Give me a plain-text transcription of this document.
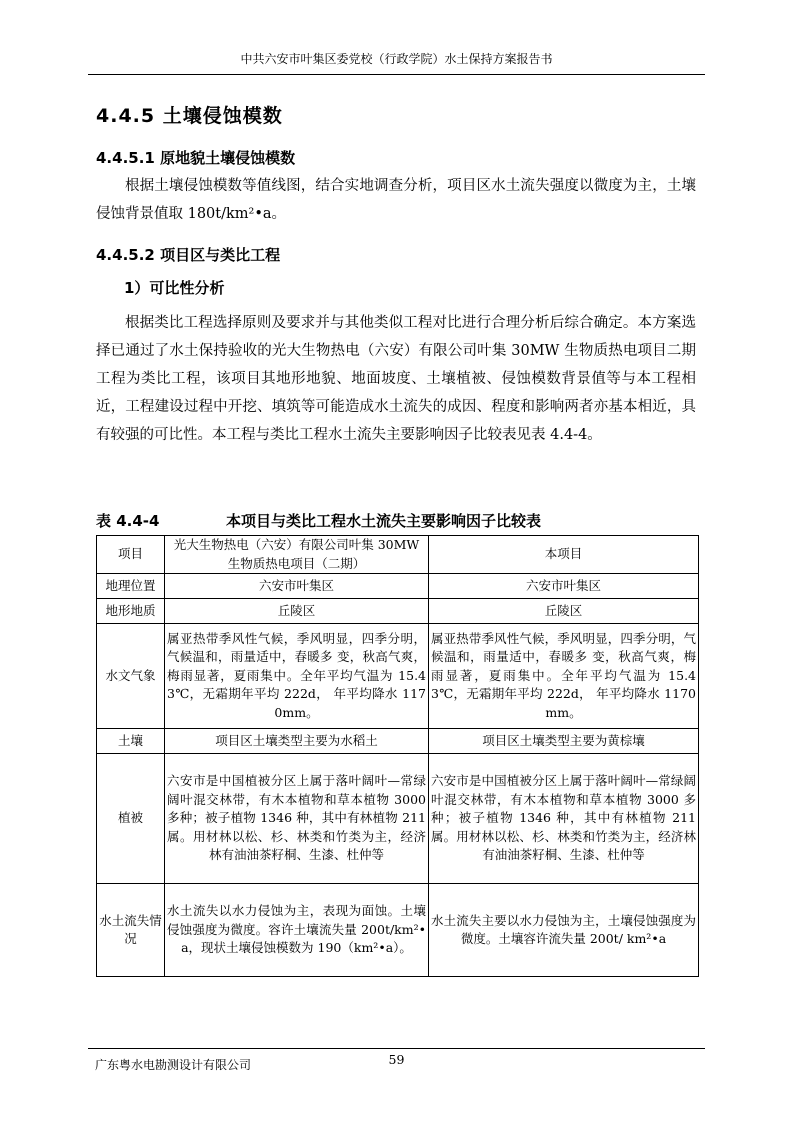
中共六安市叶集区委党校（行政学院）水土保持方案报告书
4.4.5 土壤侵蚀模数
4.4.5.1 原地貌土壤侵蚀模数
根据土壤侵蚀模数等值线图，结合实地调查分析，项目区水土流失强度以微度为主，土壤侵蚀背景值取 180t/km²•a。
4.4.5.2 项目区与类比工程
1）可比性分析
根据类比工程选择原则及要求并与其他类似工程对比进行合理分析后综合确定。本方案选择已通过了水土保持验收的光大生物热电（六安）有限公司叶集 30MW 生物质热电项目二期工程为类比工程，该项目其地形地貌、地面坡度、土壤植被、侵蚀模数背景值等与本工程相近，工程建设过程中开挖、填筑等可能造成水土流失的成因、程度和影响两者亦基本相近，具有较强的可比性。本工程与类比工程水土流失主要影响因子比较表见表 4.4-4。
表 4.4-4	本项目与类比工程水土流失主要影响因子比较表
项目	光大生物热电（六安）有限公司叶集 30MW 生物质热电项目（二期）	本项目
地理位置	六安市叶集区	六安市叶集区
地形地质	丘陵区	丘陵区
水文气象	属亚热带季风性气候，季风明显，四季分明，气候温和，雨量适中，春暖多 变，秋高气爽，梅雨显著，夏雨集中。全年平均气温为 15.43℃，无霜期年平均 222d， 年平均降水 1170mm。	属亚热带季风性气候，季风明显，四季分明，气候温和，雨量适中，春暖多 变，秋高气爽，梅雨显著，夏雨集中。全年平均气温为 15.43℃，无霜期年平均 222d， 年平均降水 1170mm。
土壤	项目区土壤类型主要为水稻土	项目区土壤类型主要为黄棕壤
植被	六安市是中国植被分区上属于落叶阔叶—常绿阔叶混交林带，有木本植物和草本植物 3000 多种；被子植物 1346 种，其中有林植物 211 属。用材林以松、杉、林类和竹类为主，经济林有油油茶籽桐、生漆、杜仲等	六安市是中国植被分区上属于落叶阔叶—常绿阔叶混交林带，有木本植物和草本植物 3000 多种；被子植物 1346 种，其中有林植物 211 属。用材林以松、杉、林类和竹类为主，经济林有油油茶籽桐、生漆、杜仲等
水土流失情况	水土流失以水力侵蚀为主，表现为面蚀。土壤侵蚀强度为微度。容许土壤流失量 200t/km²•a，现状土壤侵蚀模数为 190（km²•a）。	水土流失主要以水力侵蚀为主，土壤侵蚀强度为微度。土壤容许流失量 200t/ km²•a
广东粤水电勘测设计有限公司	59
